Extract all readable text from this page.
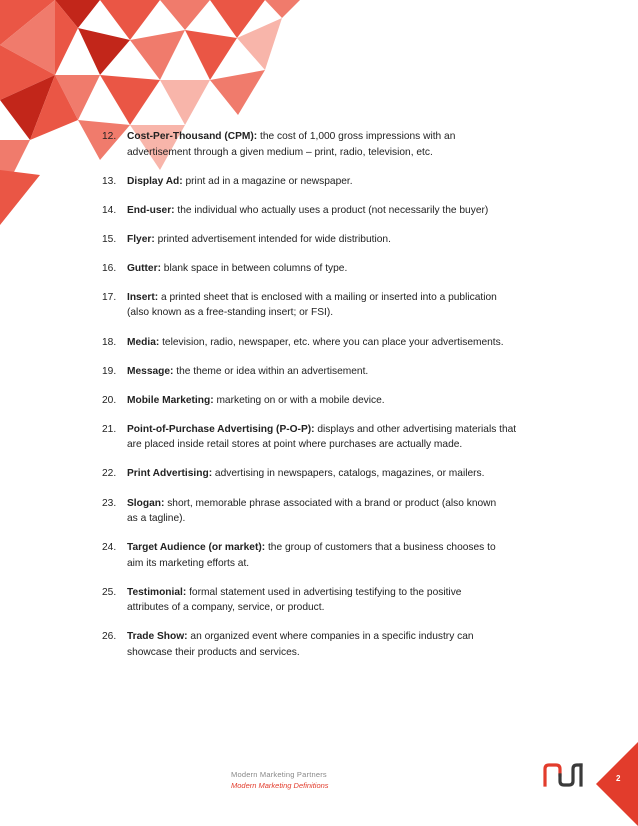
12.	Cost-Per-Thousand (CPM): the cost of 1,000 gross impressions with an
advertisement through a given medium – print, radio, television, etc.
13.	Display Ad: print ad in a magazine or newspaper.
14.	End-user: the individual who actually uses a product (not necessarily the buyer)
15.	Flyer: printed advertisement intended for wide distribution.
16.	Gutter: blank space in between columns of type.
17.	Insert: a printed sheet that is enclosed with a mailing or inserted into a publication
(also known as a free-standing insert; or FSI).
18.	Media: television, radio, newspaper, etc. where you can place your advertisements.
19.	Message: the theme or idea within an advertisement.
20.	Mobile Marketing: marketing on or with a mobile device.
21.	Point-of-Purchase Advertising (P-O-P): displays and other advertising materials that
are placed inside retail stores at point where purchases are actually made.
22.	Print Advertising: advertising in newspapers, catalogs, magazines, or mailers.
23.	Slogan: short, memorable phrase associated with a brand or product (also known
as a tagline).
24.	Target Audience (or market): the group of customers that a business chooses to
aim its marketing efforts at.
25.	Testimonial: formal statement used in advertising testifying to the positive
attributes of a company, service, or product.
26.	Trade Show: an organized event where companies in a specific industry can
showcase their products and services.
Modern Marketing Partners
Modern Marketing Definitions
2
